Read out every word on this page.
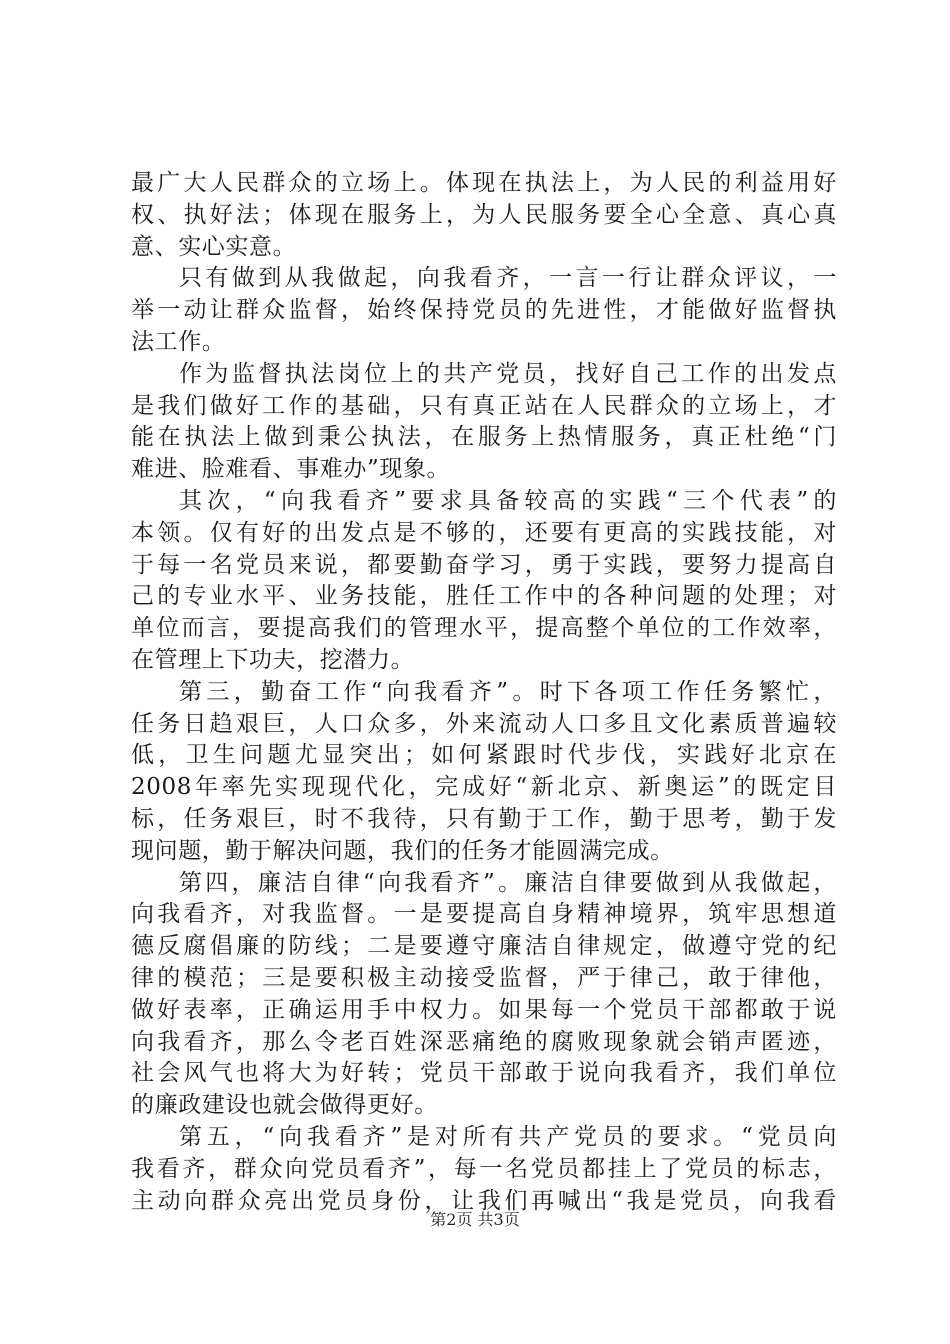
最广大人民群众的立场上。体现在执法上，为人民的利益用好
权、执好法；体现在服务上，为人民服务要全心全意、真心真
意、实心实意。
只有做到从我做起，向我看齐，一言一行让群众评议，一
举一动让群众监督，始终保持党员的先进性，才能做好监督执
法工作。
作为监督执法岗位上的共产党员，找好自己工作的出发点
是我们做好工作的基础，只有真正站在人民群众的立场上，才
能在执法上做到秉公执法，在服务上热情服务，真正杜绝“门
难进、脸难看、事难办”现象。
其次，“向我看齐”要求具备较高的实践“三个代表”的
本领。仅有好的出发点是不够的，还要有更高的实践技能，对
于每一名党员来说，都要勤奋学习，勇于实践，要努力提高自
己的专业水平、业务技能，胜任工作中的各种问题的处理；对
单位而言，要提高我们的管理水平，提高整个单位的工作效率，
在管理上下功夫，挖潜力。
第三，勤奋工作“向我看齐”。时下各项工作任务繁忙，
任务日趋艰巨，人口众多，外来流动人口多且文化素质普遍较
低，卫生问题尤显突出；如何紧跟时代步伐，实践好北京在
2008年率先实现现代化，完成好“新北京、新奥运”的既定目
标，任务艰巨，时不我待，只有勤于工作，勤于思考，勤于发
现问题，勤于解决问题，我们的任务才能圆满完成。
第四，廉洁自律“向我看齐”。廉洁自律要做到从我做起，
向我看齐，对我监督。一是要提高自身精神境界，筑牢思想道
德反腐倡廉的防线；二是要遵守廉洁自律规定，做遵守党的纪
律的模范；三是要积极主动接受监督，严于律己，敢于律他，
做好表率，正确运用手中权力。如果每一个党员干部都敢于说
向我看齐，那么令老百姓深恶痛绝的腐败现象就会销声匿迹，
社会风气也将大为好转；党员干部敢于说向我看齐，我们单位
的廉政建设也就会做得更好。
第五，“向我看齐”是对所有共产党员的要求。“党员向
我看齐，群众向党员看齐”，每一名党员都挂上了党员的标志，
主动向群众亮出党员身份，让我们再喊出“我是党员，向我看
第2页 共3页
